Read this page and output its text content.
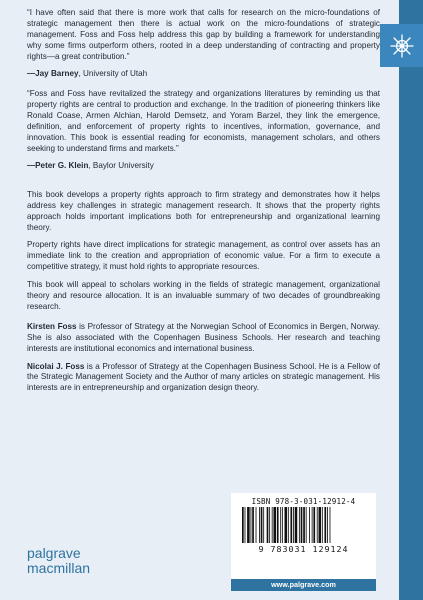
“I have often said that there is more work that calls for research on the micro-foundations of strategic management then there is actual work on the micro-foundations of strategic management. Foss and Foss help address this gap by building a framework for understanding why some firms outperform others, rooted in a deep understanding of contracting and property rights—a great contribution.”

—Jay Barney, University of Utah

“Foss and Foss have revitalized the strategy and organizations literatures by reminding us that property rights are central to production and exchange. In the tradition of pioneering thinkers like Ronald Coase, Armen Alchian, Harold Demsetz, and Yoram Barzel, they link the emergence, definition, and enforcement of property rights to incentives, information, governance, and innovation. This book is essential reading for economists, management scholars, and others seeking to understand firms and markets.”

—Peter G. Klein, Baylor University

This book develops a property rights approach to firm strategy and demonstrates how it helps address key challenges in strategic management research. It shows that the property rights approach holds important implications both for entrepreneurship and organizational learning theory.

Property rights have direct implications for strategic management, as control over assets has an immediate link to the creation and appropriation of economic value. For a firm to execute a competitive strategy, it must hold rights to appropriate resources.

This book will appeal to scholars working in the fields of strategic management, organizational theory and resource allocation. It is an invaluable summary of two decades of groundbreaking research.

Kirsten Foss is Professor of Strategy at the Norwegian School of Economics in Bergen, Norway. She is also associated with the Copenhagen Business Schools. Her research and teaching interests are institutional economics and international business.

Nicolai J. Foss is a Professor of Strategy at the Copenhagen Business School. He is a Fellow of the Strategic Management Society and the Author of many articles on strategic management. His interests are in entrepreneurship and organization design theory.

palgrave
macmillan
ISBN 978-3-031-12912-4
9 783031 129124
www.palgrave.com
